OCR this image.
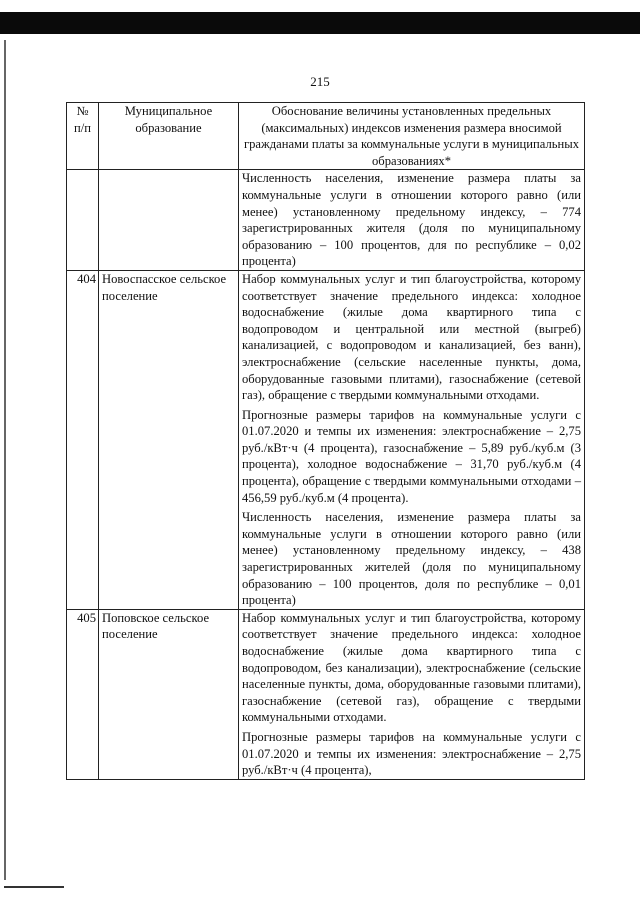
215
№ п/п	Муниципальное образование	Обоснование величины установленных предельных (максимальных) индексов изменения размера вносимой гражданами платы за коммунальные услуги в муниципальных образованиях*

		Численность населения, изменение размера платы за коммунальные услуги в отношении которого равно (или менее) установленному предельному индексу, – 774 зарегистрированных жителя (доля по муниципальному образованию – 100 процентов, для по республике – 0,02 процента)

404	Новоспасское сельское поселение	Набор коммунальных услуг и тип благоустройства, которому соответствует значение предельного индекса: холодное водоснабжение (жилые дома квартирного типа с водопроводом и центральной или местной (выгреб) канализацией, с водопроводом и канализацией, без ванн), электроснабжение (сельские населенные пункты, дома, оборудованные газовыми плитами), газоснабжение (сетевой газ), обращение с твердыми коммунальными отходами.

Прогнозные размеры тарифов на коммунальные услуги с 01.07.2020 и темпы их изменения: электроснабжение – 2,75 руб./кВт·ч (4 процента), газоснабжение – 5,89 руб./куб.м (3 процента), холодное водоснабжение – 31,70 руб./куб.м (4 процента), обращение с твердыми коммунальными отходами – 456,59 руб./куб.м (4 процента).

Численность населения, изменение размера платы за коммунальные услуги в отношении которого равно (или менее) установленному предельному индексу, – 438 зарегистрированных жителей (доля по муниципальному образованию – 100 процентов, доля по республике – 0,01 процента)

405	Поповское сельское поселение	Набор коммунальных услуг и тип благоустройства, которому соответствует значение предельного индекса: холодное водоснабжение (жилые дома квартирного типа с водопроводом, без канализации), электроснабжение (сельские населенные пункты, дома, оборудованные газовыми плитами), газоснабжение (сетевой газ), обращение с твердыми коммунальными отходами.

Прогнозные размеры тарифов на коммунальные услуги с 01.07.2020 и темпы их изменения: электроснабжение – 2,75 руб./кВт·ч (4 процента),
